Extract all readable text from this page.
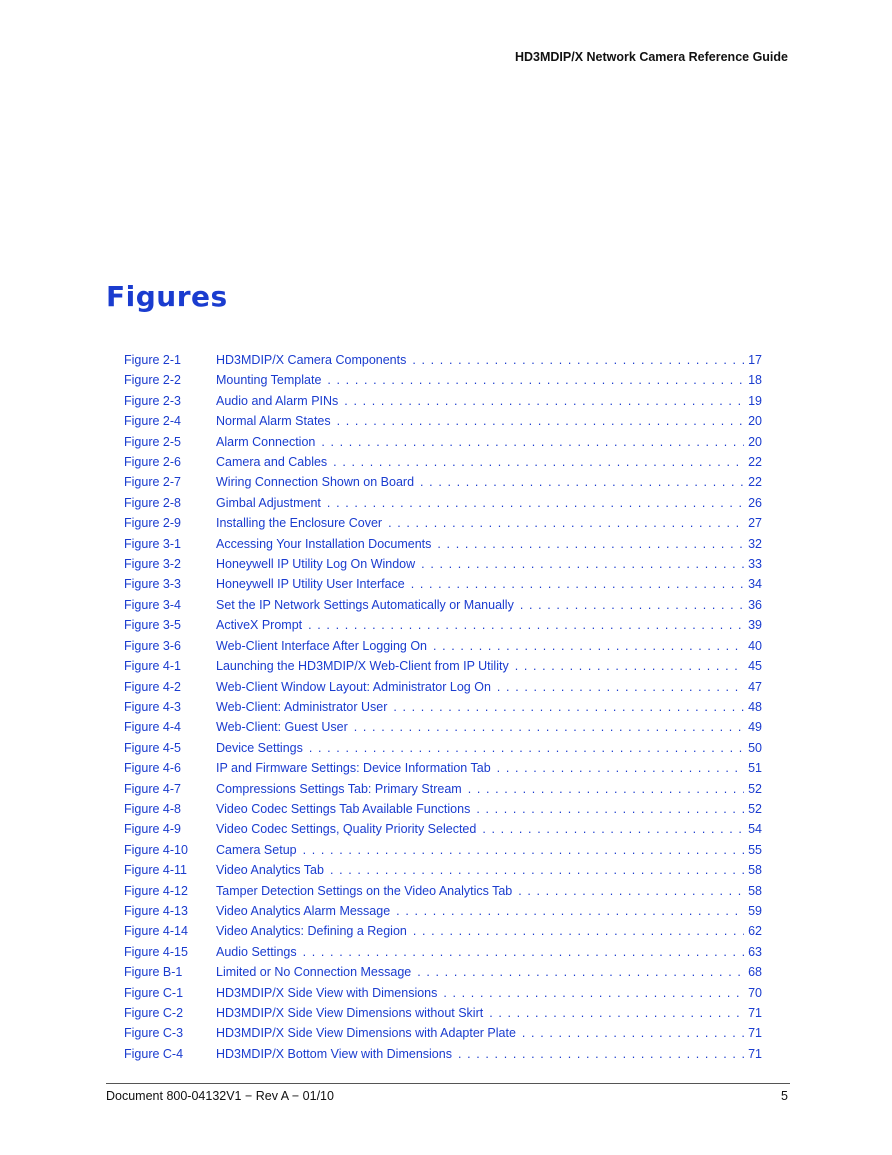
HD3MDIP/X Network Camera Reference Guide
Figures
Figure 2-1	HD3MDIP/X Camera Components . . .	17
Figure 2-2	Mounting Template . . .	18
Figure 2-3	Audio and Alarm PINs . . .	19
Figure 2-4	Normal Alarm States . . .	20
Figure 2-5	Alarm Connection . . .	20
Figure 2-6	Camera and Cables . . .	22
Figure 2-7	Wiring Connection Shown on Board . . .	22
Figure 2-8	Gimbal Adjustment . . .	26
Figure 2-9	Installing the Enclosure Cover . . .	27
Figure 3-1	Accessing Your Installation Documents . . .	32
Figure 3-2	Honeywell IP Utility Log On Window . . .	33
Figure 3-3	Honeywell IP Utility User Interface . . .	34
Figure 3-4	Set the IP Network Settings Automatically or Manually . . .	36
Figure 3-5	ActiveX Prompt . . .	39
Figure 3-6	Web-Client Interface After Logging On . . .	40
Figure 4-1	Launching the HD3MDIP/X Web-Client from IP Utility . . .	45
Figure 4-2	Web-Client Window Layout: Administrator Log On . . .	47
Figure 4-3	Web-Client: Administrator User . . .	48
Figure 4-4	Web-Client: Guest User . . .	49
Figure 4-5	Device Settings . . .	50
Figure 4-6	IP and Firmware Settings: Device Information Tab . . .	51
Figure 4-7	Compressions Settings Tab: Primary Stream . . .	52
Figure 4-8	Video Codec Settings Tab Available Functions . . .	52
Figure 4-9	Video Codec Settings, Quality Priority Selected . . .	54
Figure 4-10	Camera Setup . . .	55
Figure 4-11	Video Analytics Tab . . .	58
Figure 4-12	Tamper Detection Settings on the Video Analytics Tab . . .	58
Figure 4-13	Video Analytics Alarm Message . . .	59
Figure 4-14	Video Analytics: Defining a Region . . .	62
Figure 4-15	Audio Settings . . .	63
Figure B-1	Limited or No Connection Message . . .	68
Figure C-1	HD3MDIP/X Side View with Dimensions . . .	70
Figure C-2	HD3MDIP/X Side View Dimensions without Skirt . . .	71
Figure C-3	HD3MDIP/X Side View Dimensions with Adapter Plate . . .	71
Figure C-4	HD3MDIP/X Bottom View with Dimensions . . .	71
Document 800-04132V1 − Rev A − 01/10	5
